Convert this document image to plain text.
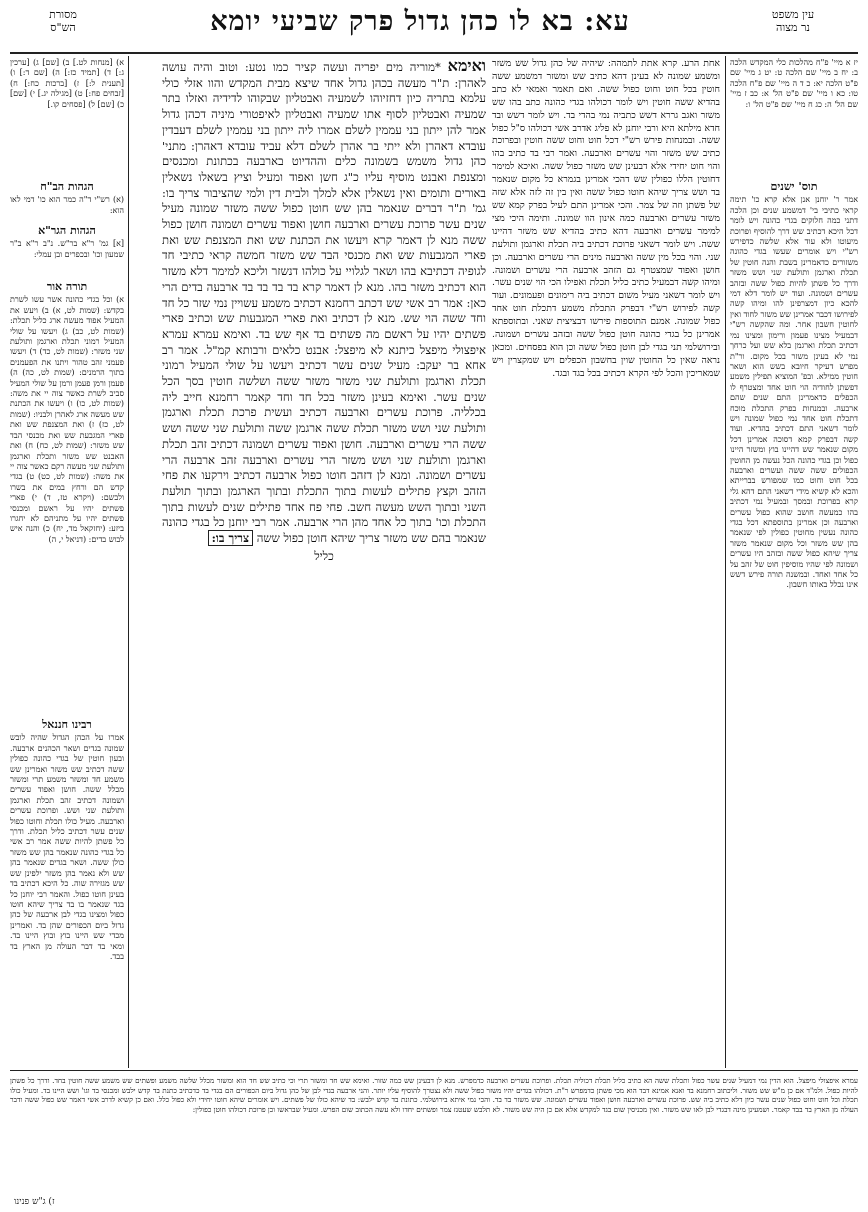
עין משפט
נר מצוה
עא: בא לו כהן גדול פרק שביעי יומא
מסורת
הש"ס
יז א מיי' פ"ח מהלכות כלי המקדש הלכה ב: יח ב מיי' שם הלכה ט: יט ג מיי' שם פ"ט הלכה יא: כ ד ה מיי' שם פ"ח הלכה טו: כא ו מיי' שם פ"ט הל' א: כב ז מיי' שם הל' ה: כג ח מיי' שם פ"ט הל' ו:
תוס' ישנים
אמר ר' יוחנן אנן אלא קרא כו' תימה קראי כתיבי בי' דמשמע שנים וכן הלכה דתני כמה חלוקים בגדי כהונה ויש לומר דכל היכא דכתיב שש דרך להוסיף ופרוכת מיעוטו ולא עוד אלא שלשה כדפירש רש"י ויש אומרים שעשו בגדי כהונה משזורים כדאמרינן בשבת והנה חוטין של תכלת וארגמן ותולעת שני ושש משזר ודרך כל פשתן להיות כפול ששה ובזהב עשרים ושמונה. ועוד יש לומר דלא דמי להכא כיון דמצרפינן להו ומיהו קשה לפירושו דכבר אמרינן שש משזר לחוד ואין לחוטין חשבון אחר. ומה שהקשה רש"י דבמעיל מצינו פעמון ורימון ומצינו נמי דכתיב תכלת וארגמן בלא שש ועל כרחך נמי לא בעינן משזר בכל מקום. ור"ת מפרש דעיקר חיובא בשש הוא ושאר חוטין ממילא. ובפ' המוציא תפילין משמע דפשתן לחודיה הוי חוט אחד ומצטרף לו הכפלים כדאמרינן התם שנים שהם ארבעה. ובמנחות בפרק התכלת מוכח דתכלת חוט אחד נמי כפול שמונה ויש לומר דשאני התם דכתיב בהדיא. ועוד קשה דבפרק קמא דסוכה אמרינן דכל מקום שנאמר שש דהיינו בוץ ומשזר היינו כפול וכן בגדי כהונה הכל נעשה מן החוטין הכפולים ששה ששה ועשרים וארבעה בכל חוט וחוט כמו שמפורש בברייתא והכא לא קשיא מידי דשאני התם דהא גלי קרא בפרוכת ובמסך ובמעיל נמי דכתיב בהו כמעשה חושב שהוא כפול עשרים וארבעה וכן אמרינן בתוספתא דכל בגדי כהונה נעשין מחוטין כפולין לפי שנאמר בהן שש משזר וכל מקום שנאמר משזר צריך שיהא כפול ששה ובזהב היו עשרים ושמונה לפי שהיו מוסיפין חוט של זהב על כל אחד ואחד. ובמשנה תורה פירש דשש אינו נכלל באותו חשבון.
אחת הרע. קרא אתת לתמהה: שיהיה של כהן גדול שש משזר ומשמע שמונה לא בעינן דהא כתיב שש ומשזר דמשמע ששה חוטין בכל חוט וחוט כפול ששה. ואם תאמר ואמאי לא כתב בהדיא ששה חוטין ויש לומר דכולהו בגדי כהונה כתב בהו שש משזר ואגב גררא דשש כתביה נמי בהדי בד. ויש לומר דשש ובד חדא מילתא היא ורבי יוחנן לא פליג אדרב אשי דכולהו ס"ל כפול ששה. ובמנחות פירש רש"י דכל חוט וחוט ששה חוטין ובפרוכת כתיב שש משזר והוי עשרים וארבעה. ואמר רבי בד כתיב בהו והוי חוט יחידי אלא דבעינן שש משזר כפול ששה. ואיכא למימר דחוטין הללו כפולין שש דהכי אמרינן בגמרא כל מקום שנאמר בד ושש צריך שיהא חוטו כפול ששה ואין בין זה לזה אלא שזה של פשתן וזה של צמר. והכי אמרינן התם לעיל בפרק קמא שש משזר עשרים וארבעה כמה אינון הוו שמונה. ותימה היכי מצי למימר עשרים וארבעה דהא כתיב בהדיא שש משזר דהיינו ששה. ויש לומר דשאני פרוכת דכתיב ביה תכלת וארגמן ותולעת שני. והוי בכל מין ששה וארבעה מינים הרי עשרים וארבעה. וכן חושן ואפוד שמצטרף גם הזהב ארבעה הרי עשרים ושמונה. ומיהו קשה דבמעיל כתיב כליל תכלת ואפילו הכי הוי שנים עשר. ויש לומר דשאני מעיל משום דכתיב ביה רימונים ופעמונים. ועוד קשה לפירוש רש"י דבפרק התכלת משמע דתכלת חוט אחד כפול שמונה. אמנם התוספות פירשו דבציצית שאני. ובתוספתא אמרינן כל בגדי כהונה חוטן כפול ששה ובזהב עשרים ושמונה. ובירושלמי תני בגדי לבן חוטן כפול ששה וכן הוא בפסחים. ומכאן נראה שאין כל החוטין שוין בחשבון הכפלים ויש שמקצרין ויש שמאריכין והכל לפי הקרא דכתיב בכל בגד ובגד.
ואימא *מוריה מים יפריה ועשה קציר כמו נטע: וטוב והיה עושה לאהרן: ת"ר מעשה בכהן גדול אחד שיצא מבית המקדש והוו אזלי כולי עלמא בתריה כיון דחזיוהו לשמעיה ואבטליון שבקוהו לדידיה ואזלו בתר שמעיה ואבטליון לסוף אתו שמעיה ואבטליון לאיפטורי מיניה דכהן גדול אמר להן ייתון בני עממין לשלם אמרו ליה ייתון בני עממין לשלם דעבדין עובדא דאהרן ולא ייתי בר אהרן לשלם דלא עביד עובדא דאהרן: מתני' כהן גדול משמש בשמונה כלים וההדיוט בארבעה בכתונת ומכנסים ומצנפת ואבנט מוסיף עליו כ"ג חשן ואפוד ומעיל וציץ בשאלו נשאלין באורים ותומים ואין נשאלין אלא למלך ולבית דין ולמי שהציבור צריך בו: גמ' ת"ר דברים שנאמר בהן שש חוטן כפול ששה משזר שמונה מעיל שנים עשר פרוכת עשרים וארבעה חושן ואפוד עשרים ושמונה חושן כפול ששה מנא לן דאמר קרא ויעשו את הכתנת שש ואת המצנפת שש ואת פארי המגבעות שש ואת מכנסי הבד שש משזר חמשה קראי כתיבי חד לגופיה דכתיבא בהו ושאר לגלויי על כולהו דנשזר וליכא למימר דלא משזר הוא דכתיב משזר בהו. מנא לן דאמר קרא בד בד בד בד ארבעה בדים הרי כאן: אמר רב אשי שש דכתב רחמנא דכתיב משמע עשויין נמי שזר כל חד וחד ששה הוי שש. מנא לן דכתיב ואת פארי המגבעות שש וכתיב פארי פשתים יהיו על ראשם מה פשתים בד אף שש בד. ואימא עמרא עמרא איפצולי מיפצל כיתנא לא מיפצל: אבנט כלאים ורבותא קמ"ל. אמר רב אחא בר יעקב: מעיל שנים עשר דכתיב ויעשו על שולי המעיל רמוני תכלת וארגמן ותולעת שני משזר משזר ששה ושלשה חוטין בסך הכל שנים עשר. ואימא בעינן משזר בכל חד וחד קאמר רחמנא חייב ליה בכלליה. פרוכת עשרים וארבעה דכתיב ועשית פרכת תכלת וארגמן ותולעת שני ושש משזר תכלת ששה ארגמן ששה ותולעת שני ששה ושש ששה הרי עשרים וארבעה. חושן ואפוד עשרים ושמונה דכתיב זהב תכלת וארגמן ותולעת שני ושש משזר הרי עשרים וארבעה זהב ארבעה הרי עשרים ושמונה. ומנא לן דזהב חוטו כפול ארבעה דכתיב וירקעו את פחי הזהב וקצץ פתילים לעשות בתוך התכלת ובתוך הארגמן ובתוך תולעת השני ובתוך השש מעשה חשב. פחי פח אחד פתילים שנים לעשות בתוך התכלת וכו' בתוך כל אחד מהן הרי ארבעה. אמר רבי יוחנן כל בגדי כהונה שנאמר בהם שש משזר צריך שיהא חוטן כפול ששה צריך בו:
כליל
א) [מנחות לט.] ב) [שם] ג) [ערכין ג:] ד) [תמיד כז:] ה) [שם ד:] ו) [תענית ל:] ז) [ברכות כח:] ח) [זבחים פח:] ט) [מגילה יג.] י) [שם] כ) [שם] ל) [פסחים קו.]
הגהות הב"ח
(א) רש"י ד"ה כמר הוא כו' דמי לאו הוא:
הגהות הגר"א
[א] גמ' ר"א בר"ש. נ"ב ר"א ב"ר שמעון וכו' ובכפרים ובן עמלי:
תורה אור
א) וכל בגדי כהונה אשר עשו לשרת בקדש: (שמות לט, א) ב) ויעש את המעיל אפוד מעשה ארג כליל תכלת: (שמות לט, כב) ג) ויעשו על שולי המעיל רמוני תכלת וארגמן ותולעת שני משזר: (שמות לט, כד) ד) ויעשו פעמני זהב טהור ויתנו את הפעמנים בתוך הרמנים: (שמות לט, כה) ה) פעמן ורמן פעמן ורמן על שולי המעיל סביב לשרת כאשר צוה יי את משה: (שמות לט, כו) ו) ויעשו את הכתנת שש מעשה ארג לאהרן ולבניו: (שמות לט, כז) ז) ואת המצנפת שש ואת פארי המגבעת שש ואת מכנסי הבד שש משזר: (שמות לט, כח) ח) ואת האבנט שש משזר ותכלת וארגמן ותולעת שני מעשה רקם כאשר צוה יי את משה: (שמות לט, כט) ט) בגדי קדש הם ורחץ במים את בשרו ולבשם: (ויקרא טז, ד) י) פארי פשתים יהיו על ראשם ומכנסי פשתים יהיו על מתניהם לא יחגרו ביזע: (יחזקאל מד, יח) כ) והנה איש לבוש בדים: (דניאל י, ה)
רבינו חננאל
אמרו על הכהן הגדול שהיה לובש שמונה בגדים ושאר הכהנים ארבעה. ובעון חוטין של בגדי כהונה כפולין ששה דכתיב שש משזר ואמרינן שש משמע חד ומשזר משמע תרי ומשזר מכלל ששה. חושן ואפוד עשרים ושמונה דכתיב זהב תכלת וארגמן ותולעת שני ושש. ופרוכת עשרים וארבעה. מעיל כולו תכלת וחוטו כפול שנים עשר דכתיב כליל תכלת. ודרך כל פשתן להיות ששה אמר רב אשי כל בגדי כהונה שנאמר בהן שש משזר כולן ששה. ושאר בגדים שנאמר בהן שש ולא נאמר בהן משזר ילפינן שש שש מגזירה שוה. כל היכא דכתיב בד בעינן חוטו כפול. והאמר רבי יוחנן כל בגד שנאמר בו בד צריך שיהא חוטו כפול ומצינו בגדי לבן ארבעה של כהן גדול ביום הכפורים שהן בד. ואמרינן מכדי שש היינו בוץ ובוץ היינו בד. ומאי בד דבר העולה מן הארץ בד בבד.
עמרא איפצולי מיפצל. הוא הדין נמי דמעיל שנים עשר כפול ותכלת ששה הא כתיב כליל תכלת דכוליה תכלת. ופרוכת עשרים וארבעה כדמפרש. מנא לן דבעינן שש כמה שזור. ואימא שש חד ומשזר תרי וכי כתיב שש חד הוא ומשזר מכלל שלשה משמע ופשתים שש משמע ששה חוטין בחד. ודרך כל פשתן להיות כפול. ולמ"ד אם כן מ"ש שש משזר. וליכתוב רחמנא בד ואנא אמינא דבד הוא מכי פשתן כדמפרש ר"ת. דכולהו בגדים יהיו משזר כפול ששה ולא נצטרך להוסיף עליו יותר. והני ארבעה בגדי לבן של כהן גדול ביום הכפורים הם בגדי בד כדכתיב כתנת בד קדש ילבש ומכנסי בד וגו' ושש היינו בד. ומעיל כולו תכלת וכל חוט וחוט כפול שנים עשר כיון דלא כתיב ביה שש. פרוכת עשרים וארבעה חושן ואפוד עשרים ושמונה. שש משזר בד בד. והכי נמי איתא בירושלמי. כתונת בד קדש ילבש: בד שיהא כולו של פשתים. ויש אומרים שיהא חוטו יחידי ולא כפול כלל. ואם כן קשיא לדרב אשי דאמר שש כפול ששה ודבר העולה מן הארץ בד בבד קאמר. ושמעינן מינה דבגדי לבן לאו שש משזר. ואין מכניסין שום בגד למקדש אלא אם כן היה שש משזר. לא תלבש שעטנז צמר ופשתים יחדו ולא עשה הכתוב שום הפרש. ומעיל שבראשו וכן פרוכת דכולהו חוטן כפולין:
ז) ג"ש פנינו
